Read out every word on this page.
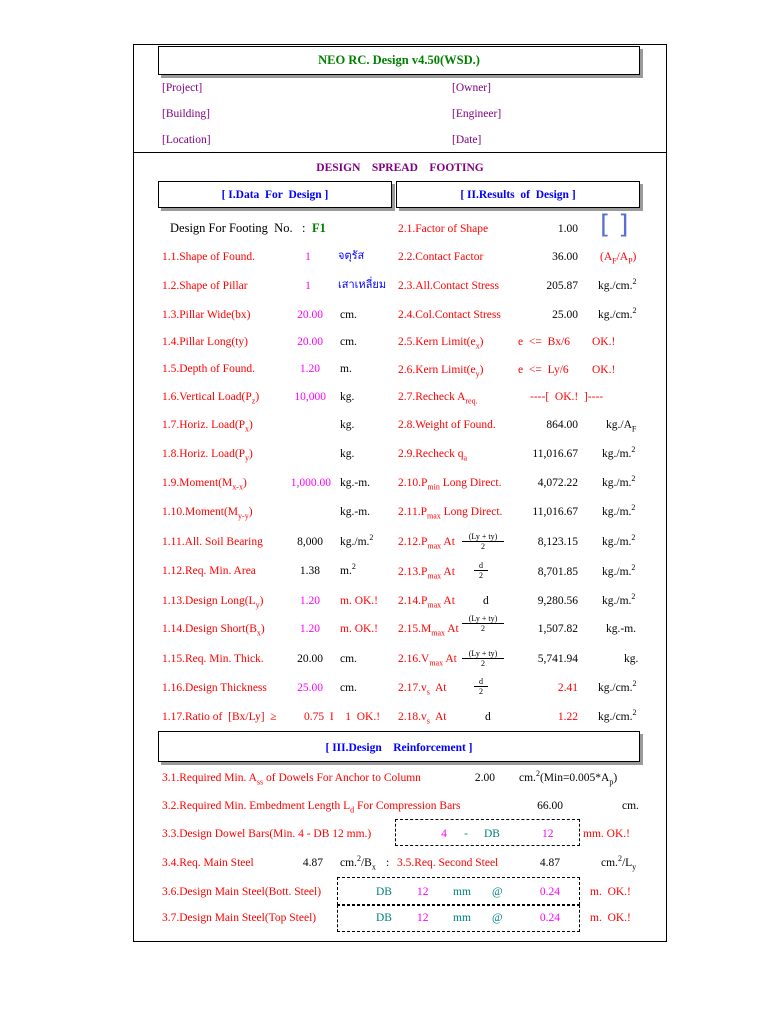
NEO RC. Design v4.50(WSD.)
[Project]	[Owner]
[Building]	[Engineer]
[Location]	[Date]
DESIGN    SPREAD    FOOTING
[ I.Data  For  Design ]	[ II.Results  of  Design ]
Design For Footing  No.   : F1
1.1.Shape of Found.	1	จตุรัส
1.2.Shape of Pillar	1	เสาเหลี่ยม
1.3.Pillar Wide(bx)	20.00 cm.
1.4.Pillar Long(ty)	20.00 cm.
1.5.Depth of Found.	1.20 m.
1.6.Vertical $Load(P_z)$	10,000 kg.
1.7.Horiz. $Load(P_x)$	kg.
1.8.Horiz. $Load(P_y)$	kg.
$1.9.Moment(M_{x-x})$	1,000.00 kg.-m.
$1.10.Moment(M_{y-y})$	kg.-m.
1.11.All. Soil Bearing	8,000 kg./m.$^2$
1.12.Req. Min. Area	1.38 m.$^2$
1.13.Design $Long(L_y)$	1.20 m. OK.!
1.14.Design $Short(B_x)$	1.20 m. OK.!
1.15.Req. Min. Thick.	20.00 cm.
1.16.Design Thickness	25.00 cm.
1.17.Ratio of  [Bx/Ly]  ≥ 0.75  I    1  OK.!
2.1.Factor of Shape	1.00 [ ]
2.2.Contact Factor	36.00 $(A_F/A_P)$
2.3.All.Contact Stress	205.87 kg./cm.$^2$
2.4.Col.Contact Stress	25.00 kg./cm.$^2$
2.5.Kern $Limit(e_x)$	e  <=  Bx/6 OK.!
2.6.Kern $Limit(e_y)$	e  <=  Ly/6 OK.!
2.7.Recheck $A_{req.}$	----[  OK.!  ]----
2.8.Weight of Found.	864.00 $kg./A_F$
2.9.Recheck $q_a$	11,016.67 kg./m.$^2$
$2.10.P_{min}$ Long Direct.	4,072.22 kg./m.$^2$
$2.11.P_{max}$ Long Direct.	11,016.67 kg./m.$^2$
$2.12.P_{max}$ At $\frac{(Ly + ty)}{2}$	8,123.15 kg./m.$^2$
$2.13.P_{max}$ At $\frac{d}{2}$	8,701.85 kg./m.$^2$
$2.14.P_{max}$ At d	9,280.56 kg./m.$^2$
$2.15.M_{max}$ At $\frac{(Ly + ty)}{2}$	1,507.82 kg.-m.
$2.16.V_{max}$ At $\frac{(Ly + ty)}{2}$	5,741.94	kg.
$2.17.v_s$  At	$\frac{d}{2}$	2.41 kg./cm.$^2$
$2.18.v_s$  At	d	1.22 kg./cm.$^2$
[ III.Design    Reinforcement ]
3.1.Required Min. $A_{ss}$ of Dowels For Anchor to Column	2.00 $cm.^2(Min=0.005*A_p)$
3.2.Required Min. Embedment Length $L_d$ For Compression Bars	66.00	cm.
3.3.Design Dowel Bars(Min. 4 - DB 12 mm.)	4	-	DB	12	mm. OK.!
3.4.Req. Main Steel	4.87 $cm.^2/B_x$ : 3.5.Req. Second Steel	4.87	$cm.^2/L_y$
3.6.Design Main Steel(Bott. Steel)	DB 12 mm @	0.24	m.  OK.!
3.7.Design Main Steel(Top Steel)	DB 12 mm @	0.24	m.  OK.!
